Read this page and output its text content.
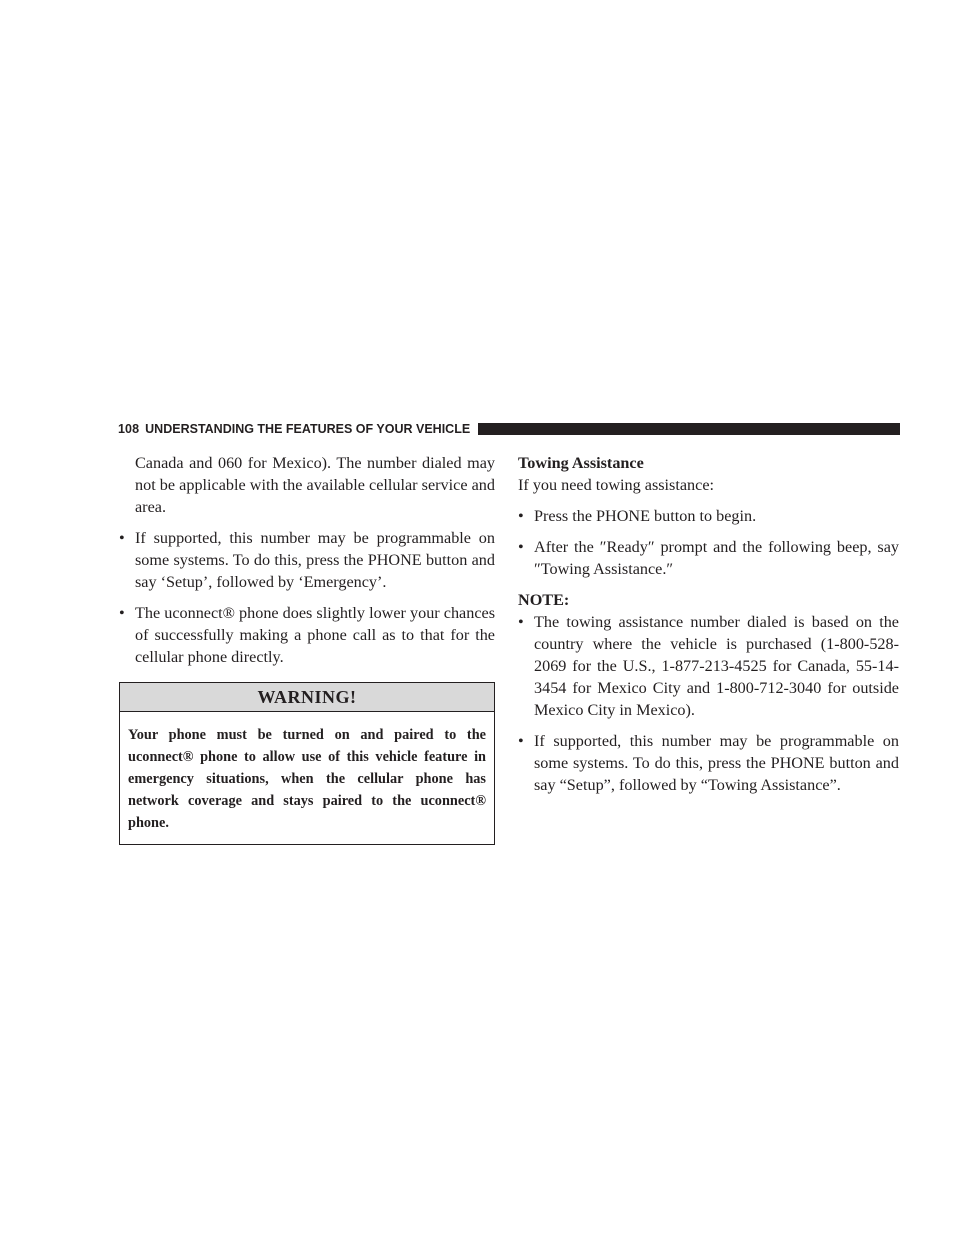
108 UNDERSTANDING THE FEATURES OF YOUR VEHICLE

Canada and 060 for Mexico). The number dialed may not be applicable with the available cellular service and area.

• If supported, this number may be programmable on some systems. To do this, press the PHONE button and say ‘Setup’, followed by ‘Emergency’.
• The uconnect® phone does slightly lower your chances of successfully making a phone call as to that for the cellular phone directly.
WARNING!
Your phone must be turned on and paired to the uconnect® phone to allow use of this vehicle feature in emergency situations, when the cellular phone has network coverage and stays paired to the uconnect® phone.

Towing Assistance

If you need towing assistance:

• Press the PHONE button to begin.
• After the ″Ready″ prompt and the following beep, say ″Towing Assistance.″

NOTE:

• The towing assistance number dialed is based on the country where the vehicle is purchased (1-800-528-2069 for the U.S., 1-877-213-4525 for Canada, 55-14-3454 for Mexico City and 1-800-712-3040 for outside Mexico City in Mexico).
• If supported, this number may be programmable on some systems. To do this, press the PHONE button and say “Setup”, followed by “Towing Assistance”.
